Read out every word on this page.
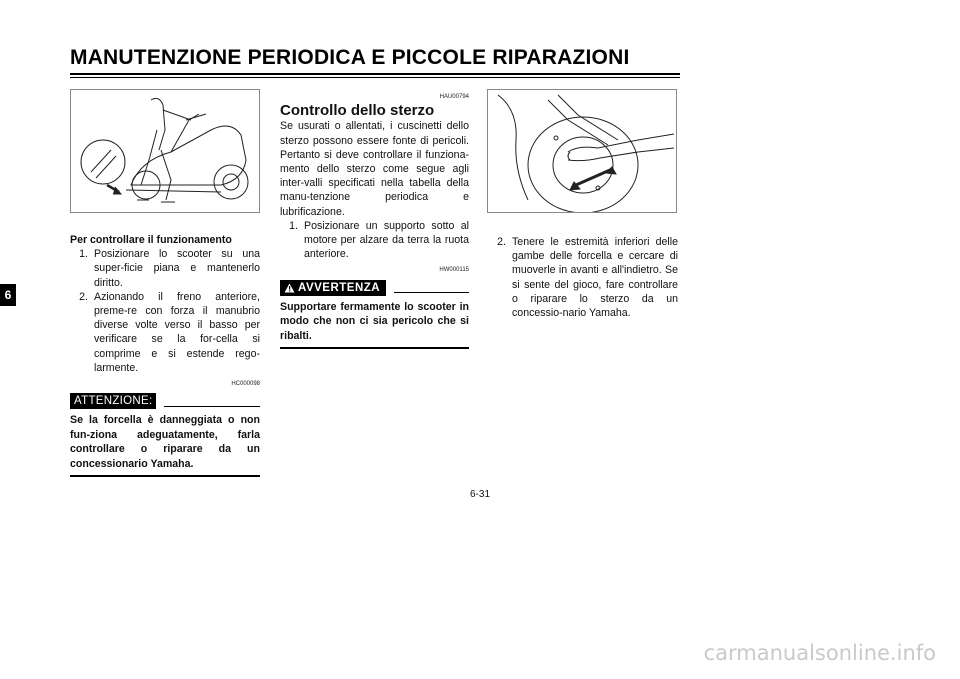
MANUTENZIONE PERIODICA E PICCOLE RIPARAZIONI
6

Per controllare il funzionamento

1. Posizionare lo scooter su una super-ficie piana e mantenerlo diritto.
2. Azionando il freno anteriore, preme-re con forza il manubrio diverse volte verso il basso per verificare se la for-cella si comprime e si estende rego-larmente.
HC000098
ATTENZIONE:

Se la forcella è danneggiata o non fun-ziona adeguatamente, farla controllare o riparare da un concessionario Yamaha.

HAU00794

Controllo dello sterzo

Se usurati o allentati, i cuscinetti dello sterzo possono essere fonte di pericoli. Pertanto si deve controllare il funziona-mento dello sterzo come segue agli inter-valli specificati nella tabella della manu-tenzione periodica e lubrificazione.

1. Posizionare un supporto sotto al motore per alzare da terra la ruota anteriore.
HW000115
AVVERTENZA

Supportare fermamente lo scooter in modo che non ci sia pericolo che si ribalti.

2. Tenere le estremità inferiori delle gambe delle forcella e cercare di muoverle in avanti e all'indietro. Se si sente del gioco, fare controllare o riparare lo sterzo da un concessio-nario Yamaha.
6-31
carmanualsonline.info
